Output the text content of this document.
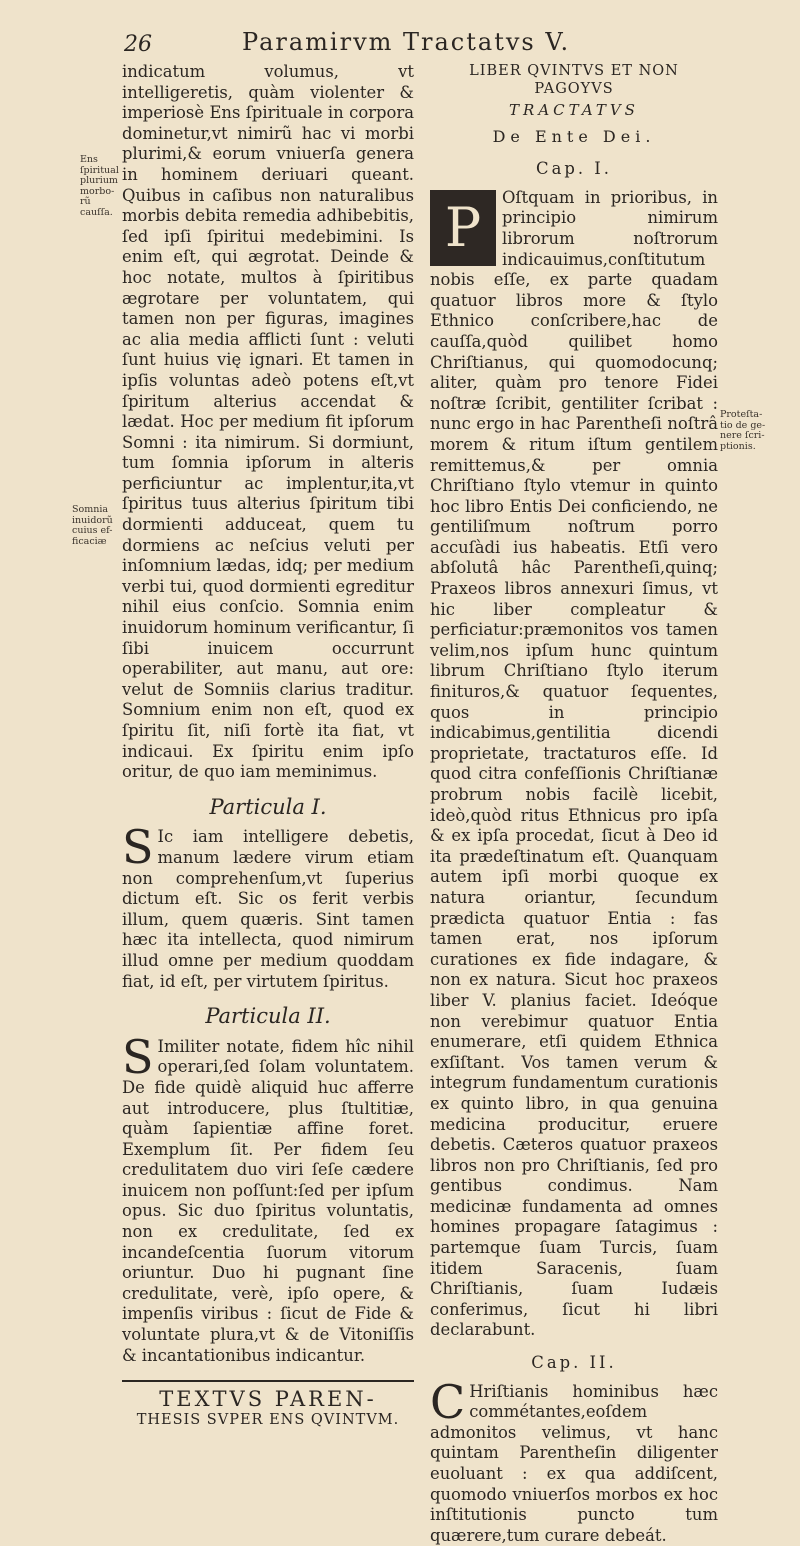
26	Paramirvm Tractatvs V.

indicatum volumus, vt intelligeretis, quàm violenter & imperiosè Ens ſpirituale in corpora dominetur,vt nimirũ hac vi morbi plurimi,& eorum vniuerſa genera in hominem deriuari queant. Quibus in caſibus non naturalibus morbis debita remedia adhibebitis, ſed ipſi ſpiritui medebimini. Is enim eſt, qui ægrotat. Deinde & hoc notate, multos à ſpiritibus ægrotare per voluntatem, qui tamen non per figuras, imagines ac alia media afflicti ſunt : veluti ſunt huius vię ignari. Et tamen in ipſis voluntas adeò potens eſt,vt ſpiritum alterius accendat & lædat. Hoc per medium fit ipſorum Somni : ita nimirum. Si dormiunt, tum ſomnia ipſorum in alteris perficiuntur ac implentur,ita,vt ſpiritus tuus alterius ſpiritum tibi dormienti adduceat, quem tu dormiens ac neſcius veluti per inſomnium lædas, idq; per medium verbi tui, quod dormienti egreditur nihil eius conſcio. Somnia enim inuidorum hominum verificantur, ſi ſibi inuicem occurrunt operabiliter, aut manu, aut ore: velut de Somniis clarius traditur. Somnium enim non eſt, quod ex ſpiritu ſit, niſi fortè ita fiat, vt indicaui. Ex ſpiritu enim ipſo oritur, de quo iam meminimus.

Particula I.

S Ic iam intelligere debetis, manum lædere virum etiam non comprehenſum,vt ſuperius dictum eſt. Sic os ferit verbis illum, quem quæris. Sint tamen hæc ita intellecta, quod nimirum illud omne per medium quoddam fiat, id eſt, per virtutem ſpiritus.

Particula II.

S Imiliter notate, fidem hîc nihil operari,ſed ſolam voluntatem. De fide quidè aliquid huc afferre aut introducere, plus ſtultitiæ, quàm ſapientiæ affine foret. Exemplum ſit. Per fidem ſeu credulitatem duo viri ſeſe cædere inuicem non poſſunt:ſed per ipſum opus. Sic duo ſpiritus voluntatis, non ex credulitate, ſed ex incandeſcentia ſuorum vitorum oriuntur. Duo hi pugnant ſine credulitate, verè, ipſo opere, & impenſis viribus : ſicut de Fide & voluntate plura,vt & de Vitoniſſis & incantationibus indicantur.

TEXTVS PAREN-
THESIS SVPER ENS QVINTVM.
Ens ſpiritual
plurium morbo-
rũ cauſſa.
Somnia
inuidorũ
cuius ef-
ficaciæ
Proteſta-
tio de ge-
nere ſcri-
ptionis.
LIBER QVINTVS ET NON PAGOYVS
TRACTATVS
De Ente Dei.
Cap. I.

P	Oſtquam in prioribus, in principio nimirum librorum noſtrorum indicauimus,conſtitutum nobis eſſe, ex parte quadam quatuor libros more & ſtylo Ethnico conſcribere,hac de cauſſa,quòd quilibet homo Chriſtianus, qui quomodocunq; aliter, quàm pro tenore Fidei noſtræ ſcribit, gentiliter ſcribat : nunc ergo in hac Parentheſi noſtrâ morem & ritum iſtum gentilem remittemus,& per omnia Chriſtiano ſtylo vtemur in quinto hoc libro Entis Dei conficiendo, ne gentiliſmum noſtrum porro accuſàdi ius habeatis. Etſi vero abſolutâ hâc Parentheſi,quinq; Praxeos libros annexuri ſimus, vt hic liber compleatur & perficiatur:præmonitos vos tamen velim,nos ipſum hunc quintum librum Chriſtiano ſtylo iterum finituros,& quatuor ſequentes, quos in principio indicabimus,gentilitia dicendi proprietate, tractaturos eſſe. Id quod citra confeſſionis Chriſtianæ probrum nobis facilè licebit, ideò,quòd ritus Ethnicus pro ipſa & ex ipſa procedat, ſicut à Deo id ita prædeſtinatum eſt. Quanquam autem ipſi morbi quoque ex natura oriantur, ſecundum prædicta quatuor Entia : fas tamen erat, nos ipſorum curationes ex fide indagare, & non ex natura. Sicut hoc praxeos liber V. planius faciet. Ideóque non verebimur quatuor Entia enumerare, etſi quidem Ethnica exſiſtant. Vos tamen verum & integrum fundamentum curationis ex quinto libro, in qua genuina medicina producitur, eruere debetis. Cæteros quatuor praxeos libros non pro Chriſtianis, ſed pro gentibus condimus. Nam medicinæ fundamenta ad omnes homines propagare ſatagimus : partemque ſuam Turcis, ſuam itidem Saracenis, ſuam Chriſtianis, ſuam Iudæis conferimus, ſicut hi libri declarabunt.

Cap. II.

C Hriſtianis hominibus hæc commétantes,eoſdem admonitos velimus, vt hanc quintam Parentheſin diligenter euoluant : ex qua addiſcent, quomodo vniuerſos morbos ex hoc inſtitutionis puncto tum quærere,tum curare debeát.
